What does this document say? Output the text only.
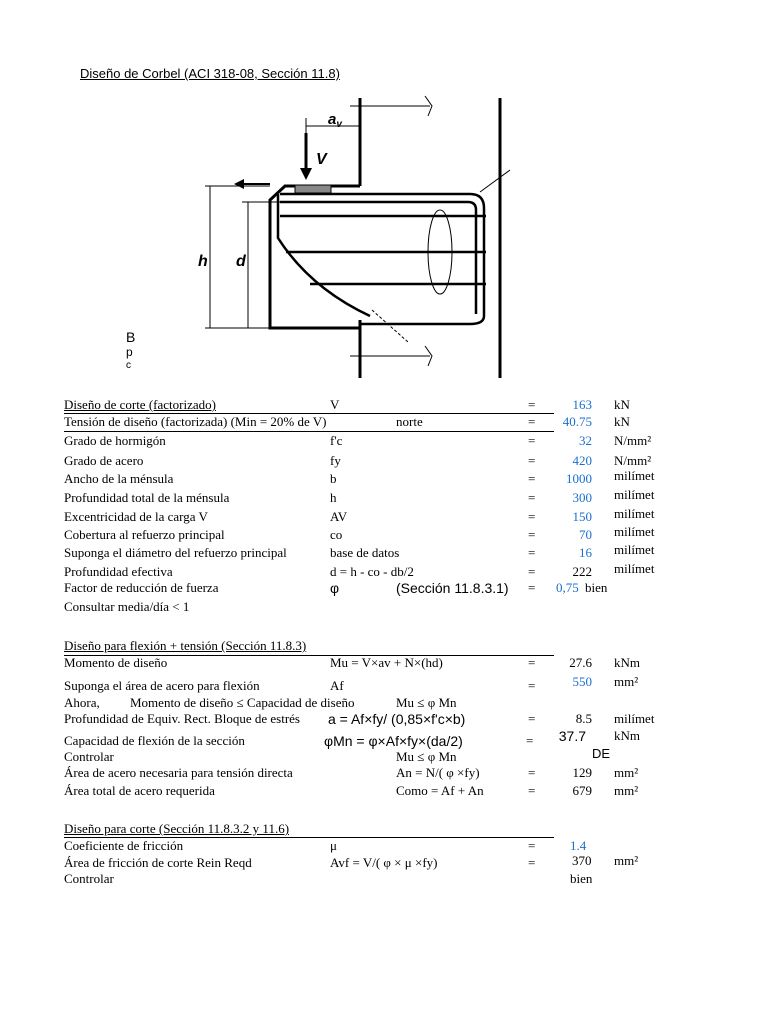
Diseño de Corbel (ACI 318-08, Sección 11.8)
$a_v$
V
h d
B
p
c
Diseño de corte (factorizado)	V	=	163 kN
Tensión de diseño (factorizada) (Min = 20% de V)	norte	=	40.75 kN
Grado de hormigón	f'c	=	32 N/mm²
Grado de acero	fy	=	420 N/mm²
Ancho de la ménsula	b	=	1000 milímet
Profundidad total de la ménsula	h	=	300 milímet
Excentricidad de la carga V	AV	=	150 milímet
Cobertura al refuerzo principal	co	=	70 milímet
Suponga el diámetro del refuerzo principal	base de datos	=	16 milímet
Profundidad efectiva	d = h - co - db/2	=	222 milímet
Factor de reducción de fuerza	φ	(Sección 11.8.3.1) = 0,75 bien
Consultar media/día < 1
Diseño para flexión + tensión (Sección 11.8.3)
Momento de diseño	Mu = V×av + N×(hd)	=	27.6 kNm
Suponga el área de acero para flexión	Af	=	550 mm²
Ahora, Momento de diseño ≤ Capacidad de diseño	Mu ≤ φ Mn
Profundidad de Equiv. Rect. Bloque de estrés a = Af×fy/ (0,85×f'c×b)	=	8.5 milímet
Capacidad de flexión de la sección	φMn = φ×Af×fy×(da/2)	=	37.7 kNm
Controlar	Mu ≤ φ Mn	DE
Área de acero necesaria para tensión directa	An = N/( φ ×fy)	=	129 mm²
Área total de acero requerida	Como = Af + An	=	679 mm²
Diseño para corte (Sección 11.8.3.2 y 11.6)
Coeficiente de fricción	μ	=	1.4
Área de fricción de corte Rein Reqd	Avf = V/( φ × μ ×fy)	=	370 mm²
Controlar	bien
